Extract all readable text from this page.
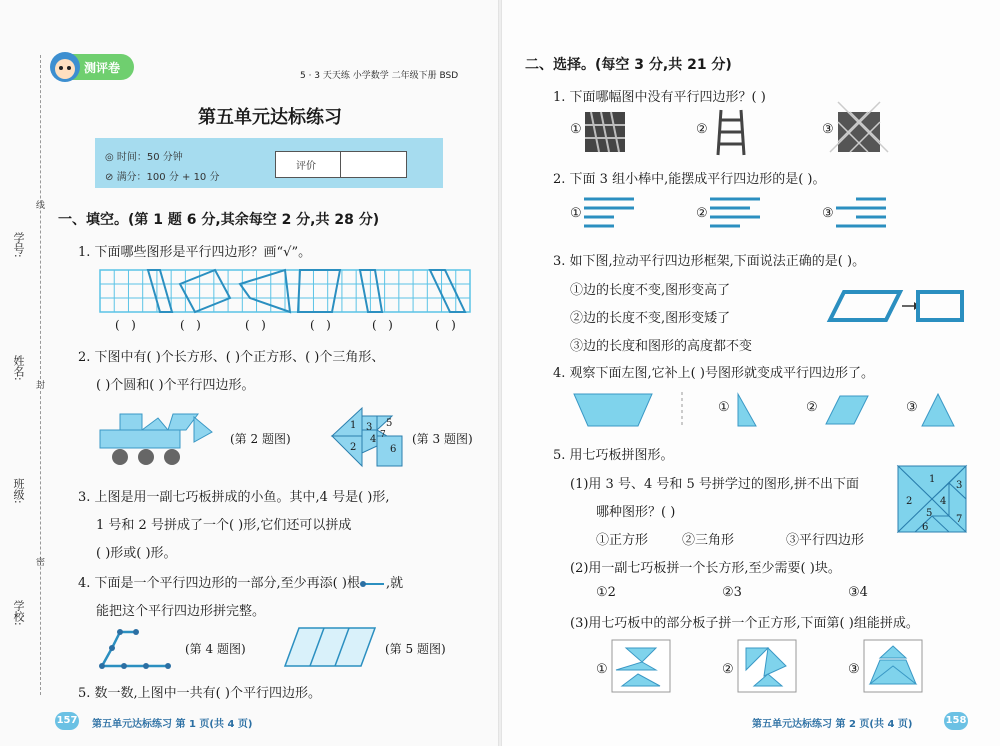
学号:
姓名:
班级:
学校:
线
封
密
测评卷
5 · 3 天天练 小学数学 二年级下册 BSD
第五单元达标练习
◎ 时间：50 分钟
⊘ 满分：100 分 + 10 分
评价
一、填空。(第 1 题 6 分,其余每空 2 分,共 28 分)
1. 下面哪些图形是平行四边形？画“√”。
( )	( )	( )	( )	( )	( )
2. 下图中有( )个长方形、( )个正方形、( )个三角形、
( )个圆和( )个平行四边形。
(第 2 题图)
1
2
3
4
5
6
7 (第 3 题图)
3. 上图是用一副七巧板拼成的小鱼。其中,4 号是( )形,
1 号和 2 号拼成了一个( )形,它们还可以拼成
( )形或( )形。
4. 下面是一个平行四边形的一部分,至少再添( )根 ,就
能把这个平行四边形拼完整。
(第 4 题图)	(第 5 题图)
5. 数一数,上图中一共有( )个平行四边形。
157 第五单元达标练习 第 1 页(共 4 页)
二、选择。(每空 3 分,共 21 分)
1. 下面哪幅图中没有平行四边形？( )
①	②	③
2. 下面 3 组小棒中,能摆成平行四边形的是( )。
①	②	③
3. 如下图,拉动平行四边形框架,下面说法正确的是( )。
①边的长度不变,图形变高了
②边的长度不变,图形变矮了
③边的长度和图形的高度都不变
4. 观察下面左图,它补上( )号图形就变成平行四边形了。
①	②	③
5. 用七巧板拼图形。
(1)用 3 号、4 号和 5 号拼学过的图形,拼不出下面
哪种图形？( )
①正方形	②三角形	③平行四边形
1
2
3
4
5
6
7
(2)用一副七巧板拼一个长方形,至少需要( )块。
①2	②3	③4
(3)用七巧板中的部分板子拼一个正方形,下面第( )组能拼成。
①	②	③
第五单元达标练习 第 2 页(共 4 页)	158
